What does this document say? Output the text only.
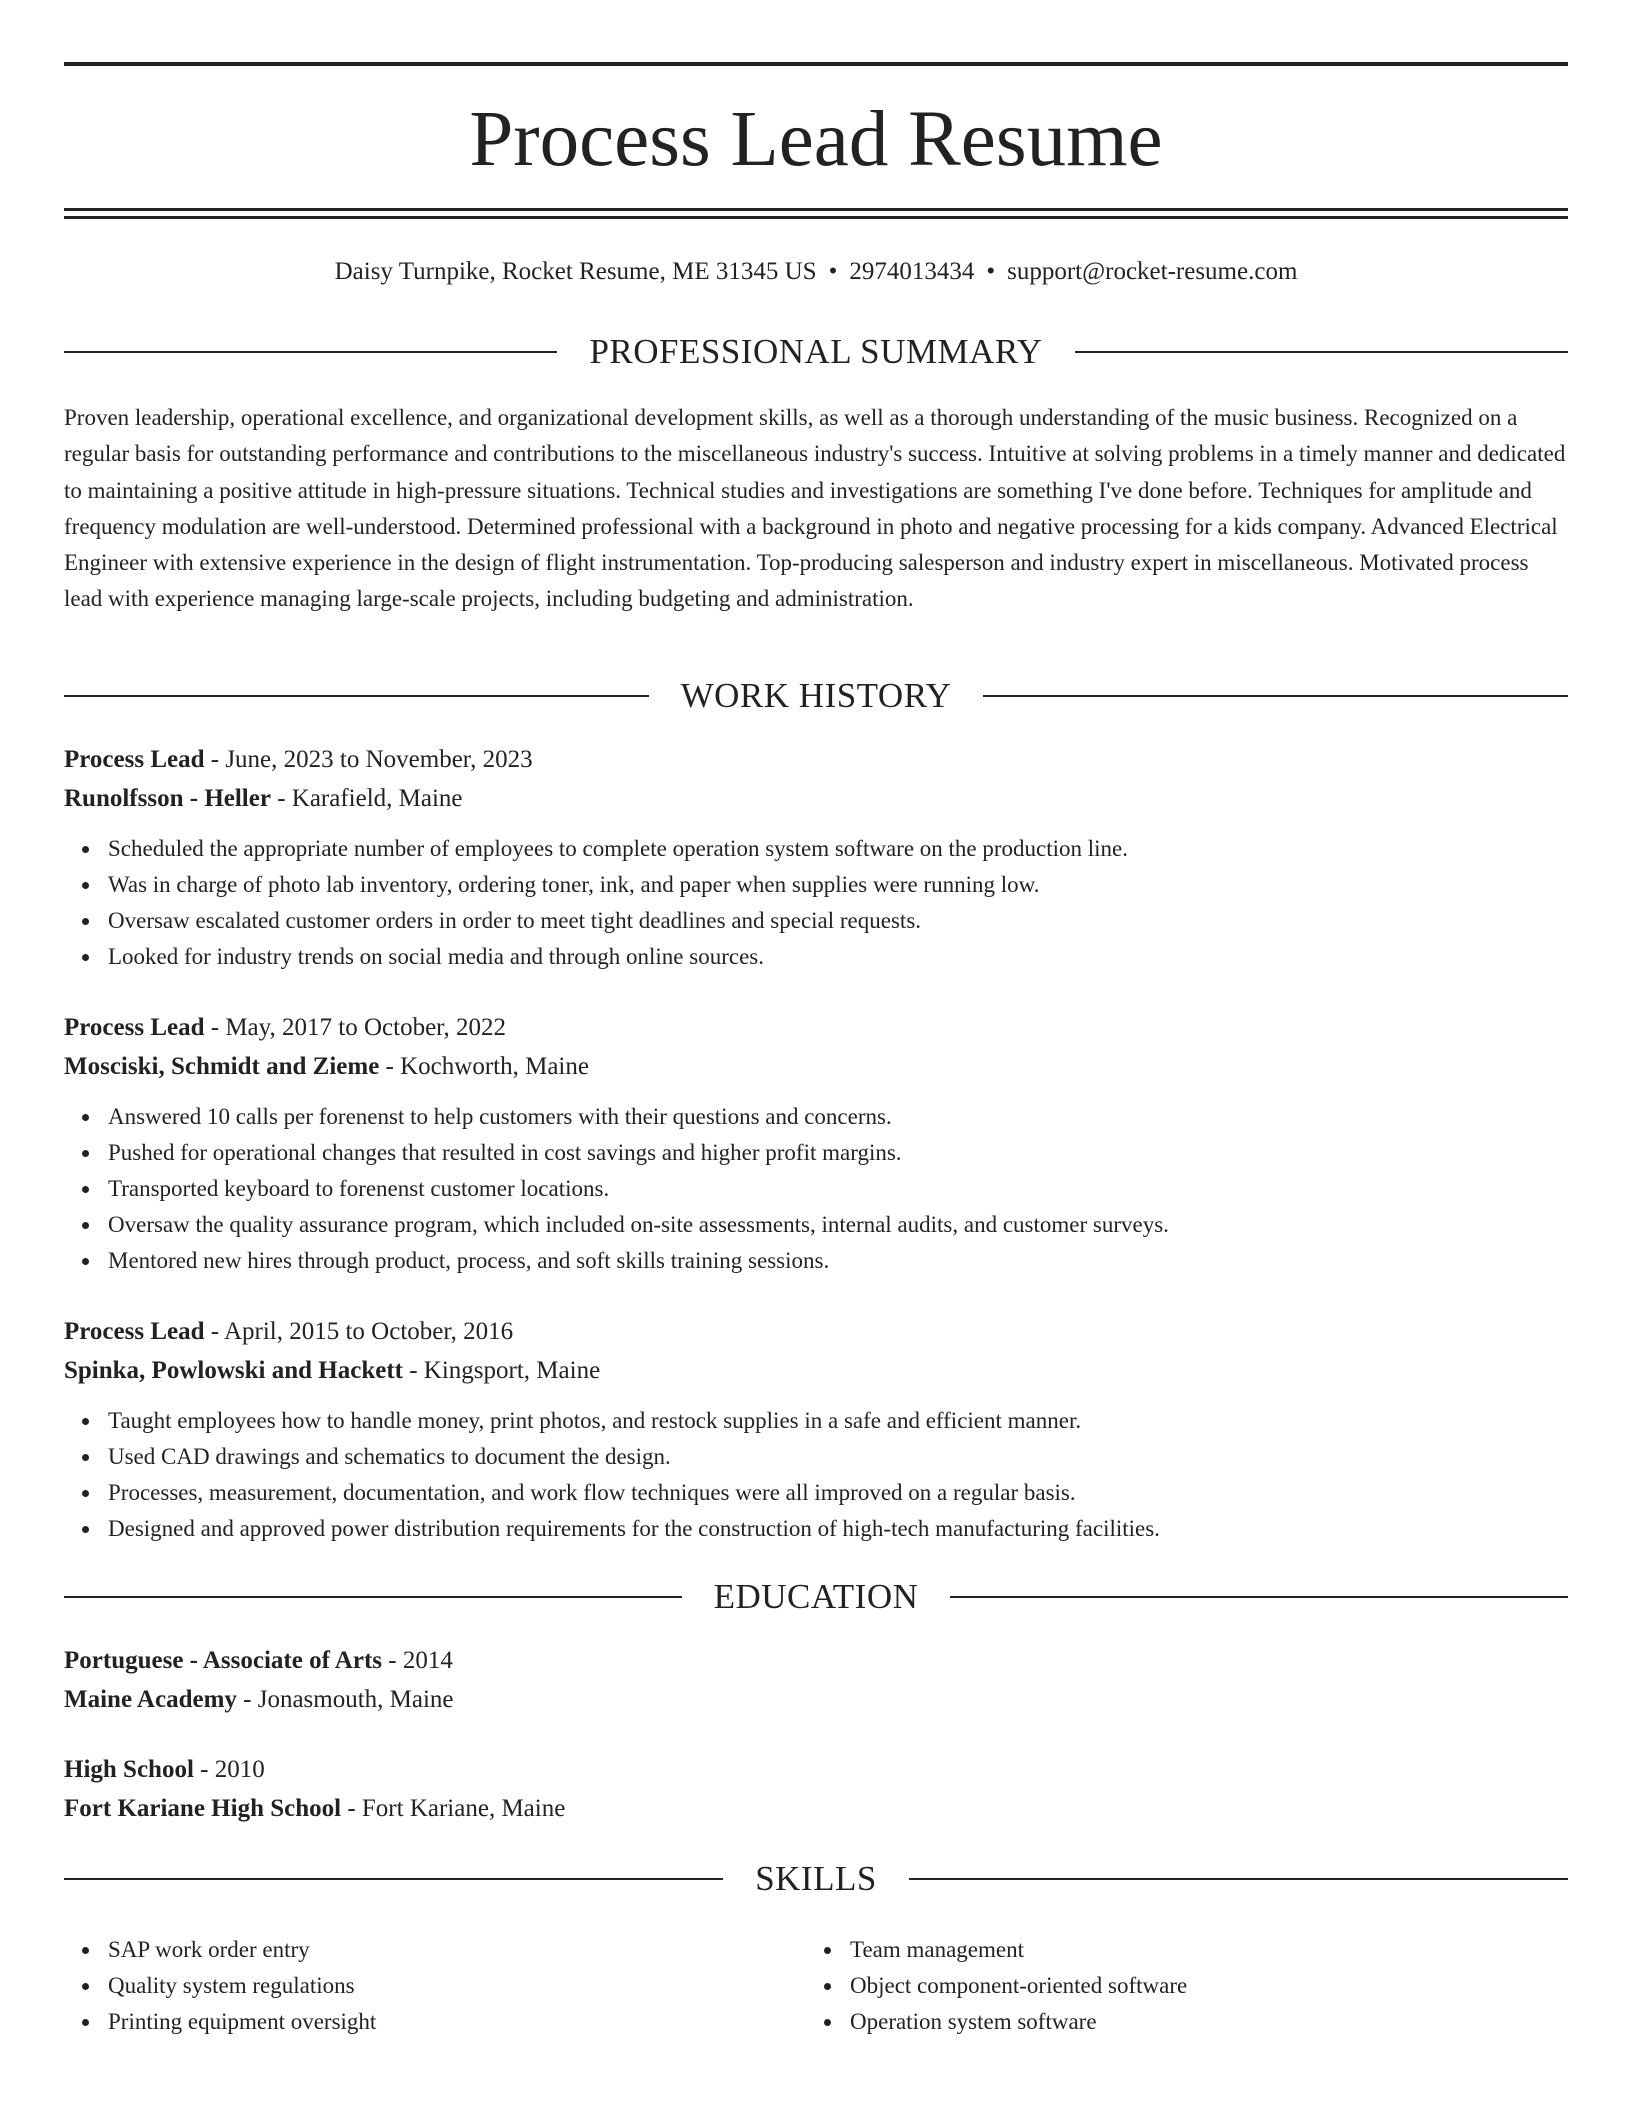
Process Lead Resume
Daisy Turnpike, Rocket Resume, ME 31345 US • 2974013434 • support@rocket-resume.com
PROFESSIONAL SUMMARY

Proven leadership, operational excellence, and organizational development skills, as well as a thorough understanding of the music business. Recognized on a regular basis for outstanding performance and contributions to the miscellaneous industry's success. Intuitive at solving problems in a timely manner and dedicated to maintaining a positive attitude in high-pressure situations. Technical studies and investigations are something I've done before. Techniques for amplitude and frequency modulation are well-understood. Determined professional with a background in photo and negative processing for a kids company. Advanced Electrical Engineer with extensive experience in the design of flight instrumentation. Top-producing salesperson and industry expert in miscellaneous. Motivated process lead with experience managing large-scale projects, including budgeting and administration.

WORK HISTORY

Process Lead - June, 2023 to November, 2023

Runolfsson - Heller - Karafield, Maine

Scheduled the appropriate number of employees to complete operation system software on the production line.
Was in charge of photo lab inventory, ordering toner, ink, and paper when supplies were running low.
Oversaw escalated customer orders in order to meet tight deadlines and special requests.
Looked for industry trends on social media and through online sources.

Process Lead - May, 2017 to October, 2022

Mosciski, Schmidt and Zieme - Kochworth, Maine

Answered 10 calls per forenenst to help customers with their questions and concerns.
Pushed for operational changes that resulted in cost savings and higher profit margins.
Transported keyboard to forenenst customer locations.
Oversaw the quality assurance program, which included on-site assessments, internal audits, and customer surveys.
Mentored new hires through product, process, and soft skills training sessions.

Process Lead - April, 2015 to October, 2016

Spinka, Powlowski and Hackett - Kingsport, Maine

Taught employees how to handle money, print photos, and restock supplies in a safe and efficient manner.
Used CAD drawings and schematics to document the design.
Processes, measurement, documentation, and work flow techniques were all improved on a regular basis.
Designed and approved power distribution requirements for the construction of high-tech manufacturing facilities.
EDUCATION

Portuguese - Associate of Arts - 2014

Maine Academy - Jonasmouth, Maine

High School - 2010

Fort Kariane High School - Fort Kariane, Maine

SKILLS
SAP work order entry
Quality system regulations
Printing equipment oversight
Team management
Object component-oriented software
Operation system software
